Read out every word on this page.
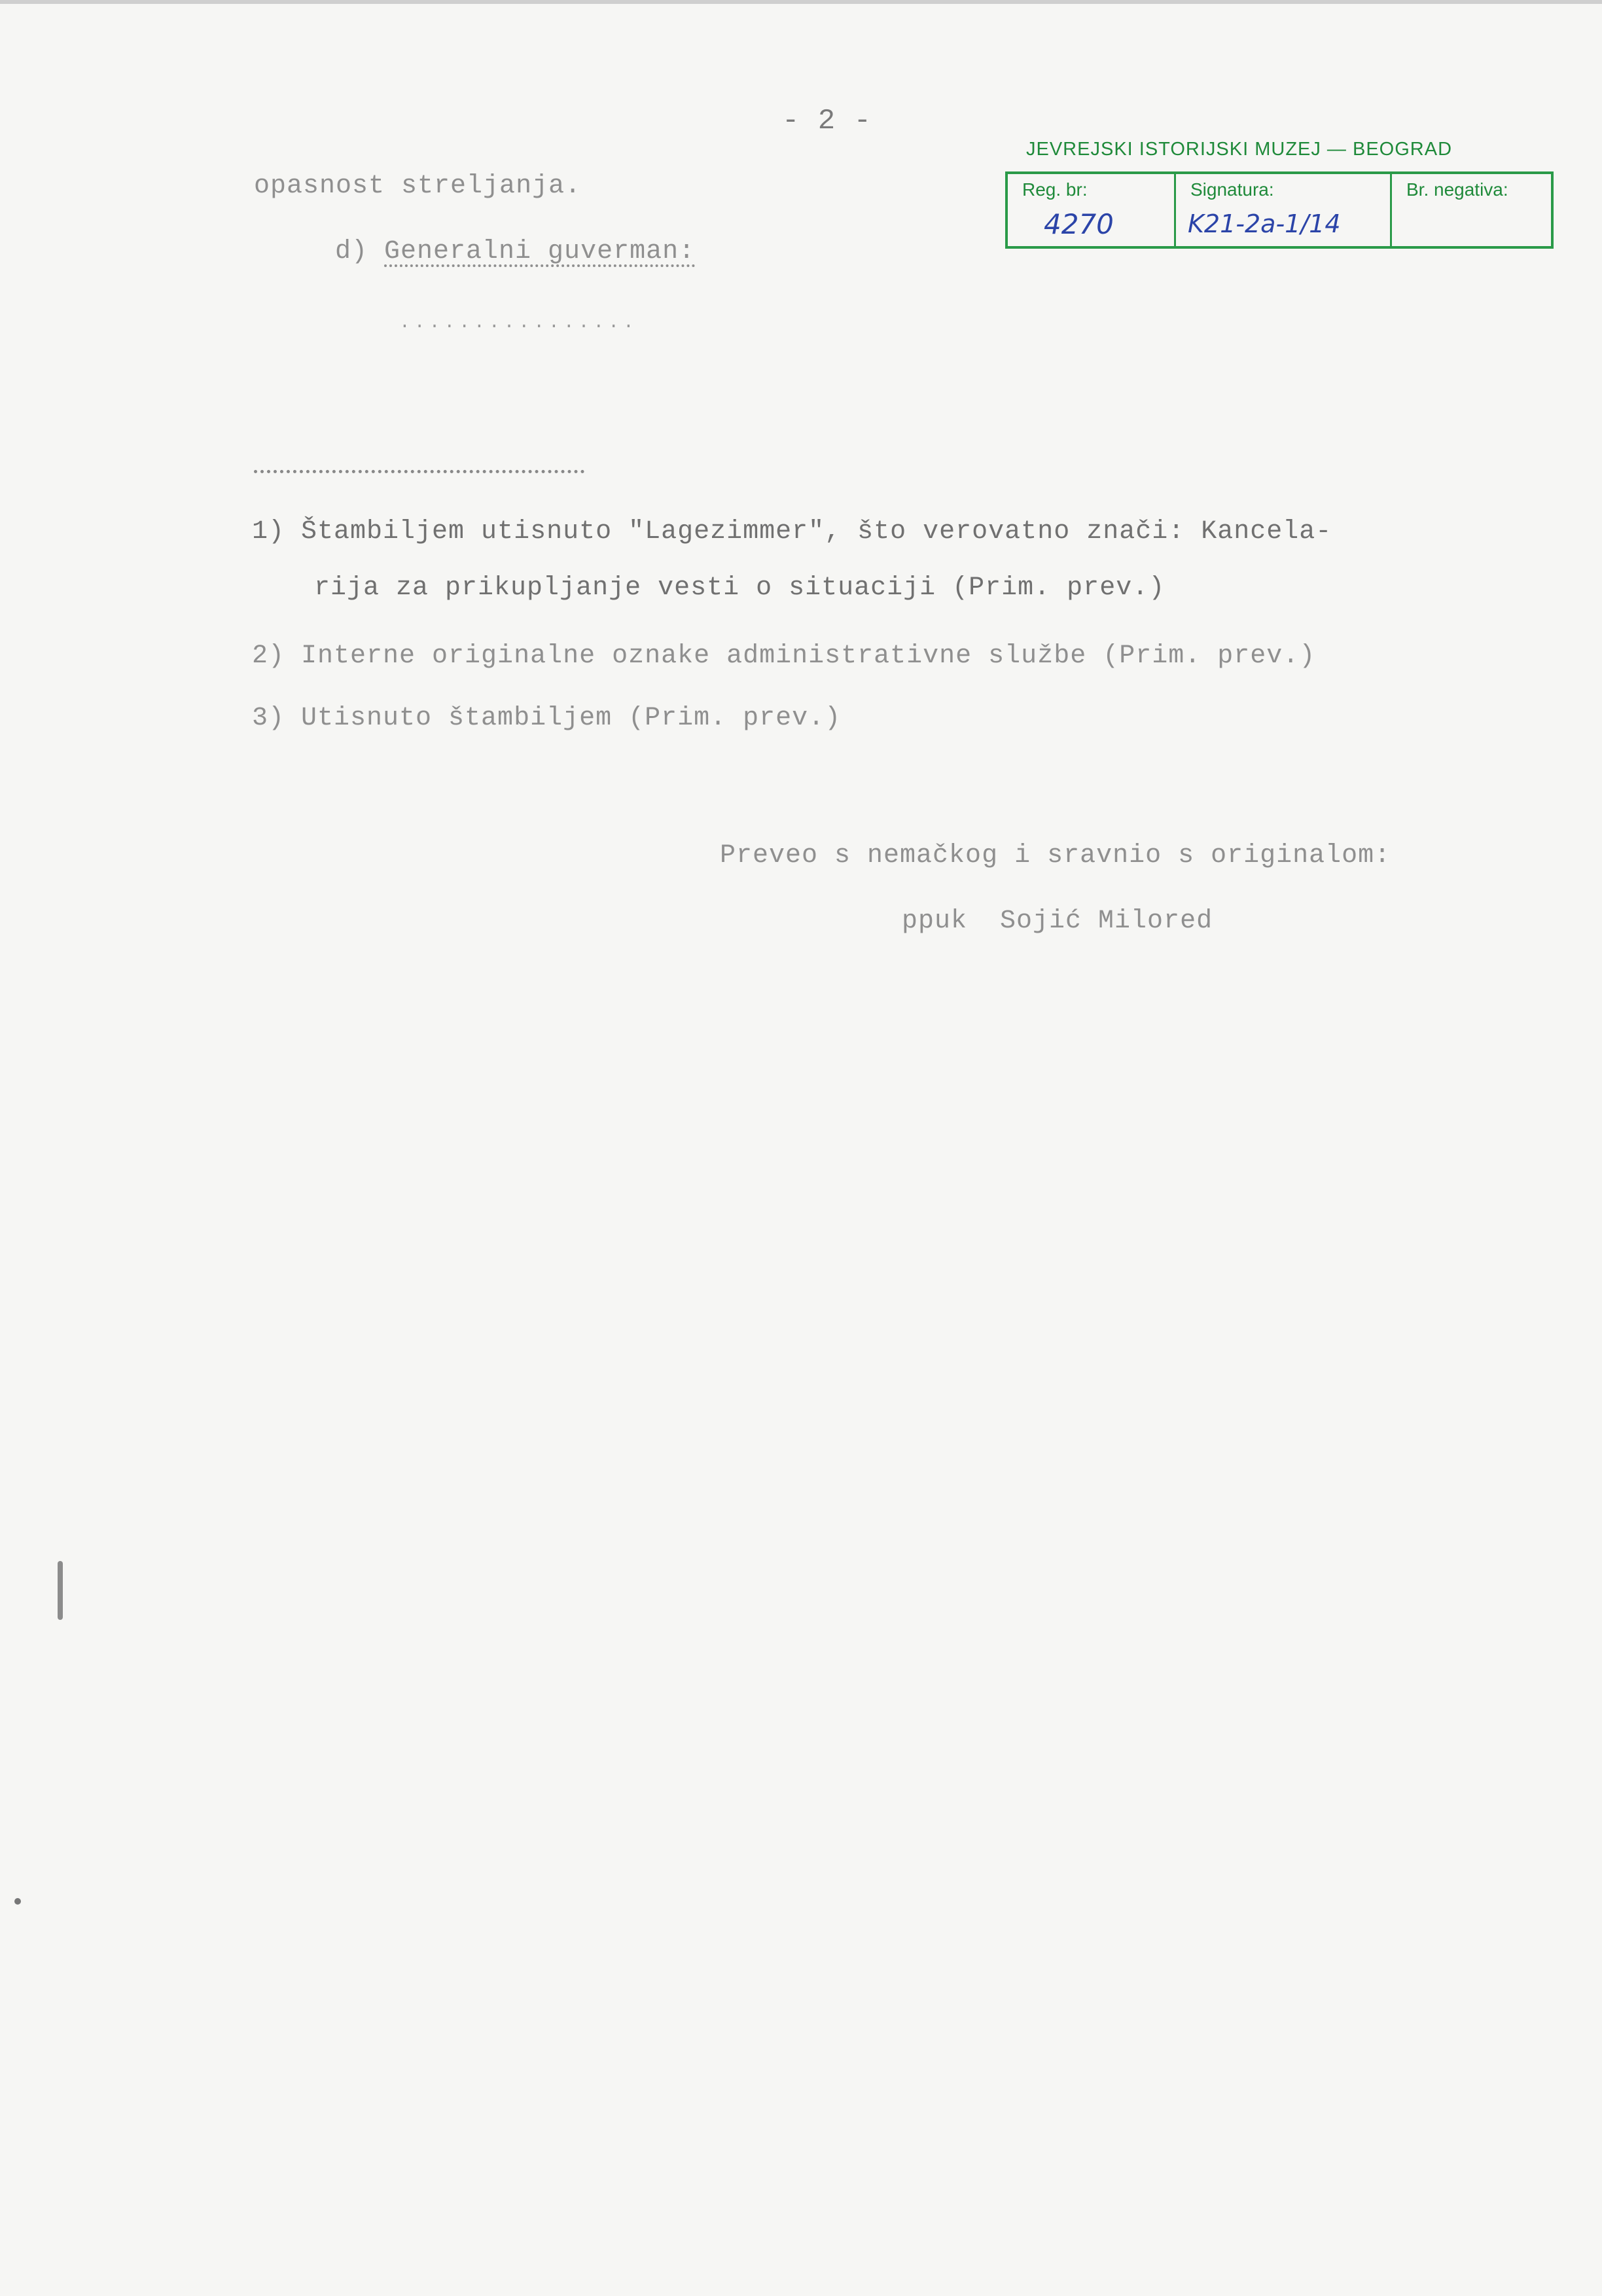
- 2 -
opasnost streljanja.
d) Generalni guverman:
................
1) Štambiljem utisnuto "Lagezimmer", što verovatno znači: Kancela-
rija za prikupljanje vesti o situaciji (Prim. prev.)
2) Interne originalne oznake administrativne službe (Prim. prev.)
3) Utisnuto štambiljem (Prim. prev.)
Preveo s nemačkog i sravnio s originalom:
ppuk  Sojić Milored
JEVREJSKI ISTORIJSKI MUZEJ — BEOGRAD
Reg. br:
4270
Signatura:
K21-2a-1/14
Br. negativa:
